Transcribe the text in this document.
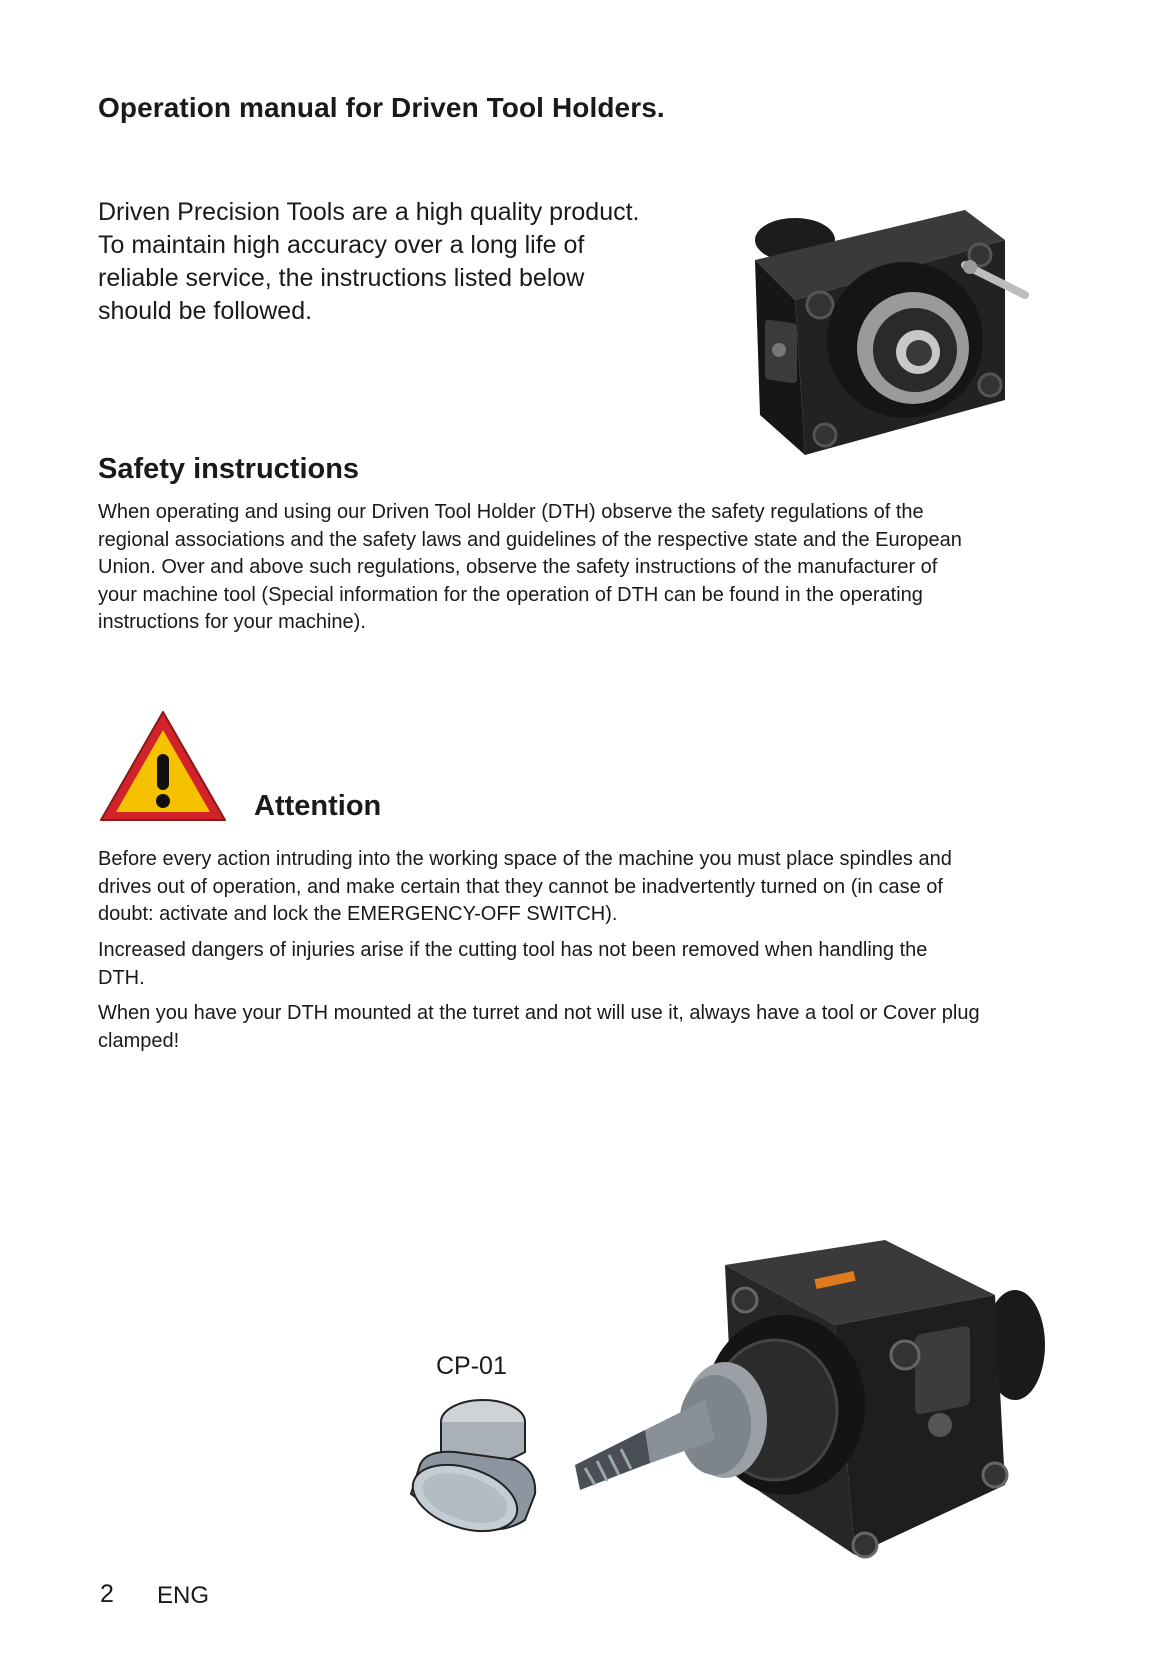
Operation manual for Driven Tool Holders.
Driven Precision Tools are a high quality product.
To maintain high accuracy over a long life of
reliable service, the instructions listed below
should be followed.
Safety instructions
When operating and using our Driven Tool Holder (DTH) observe the safety regulations of the
regional associations and the safety laws and guidelines of the respective state and the European
Union. Over and above such regulations, observe the safety instructions of the manufacturer of
your machine tool (Special information for the operation of DTH can be found in the operating
instructions for your machine).
Attention
Before every action intruding into the working space of the machine you must place spindles and
drives out of operation, and make certain that they cannot be inadvertently turned on (in case of
doubt: activate and lock the EMERGENCY-OFF SWITCH).
Increased dangers of injuries arise if the cutting tool has not been removed when handling the
DTH.
When you have your DTH mounted at the turret and not will use it, always have a tool or Cover plug
clamped!
CP-01
2 ENG
